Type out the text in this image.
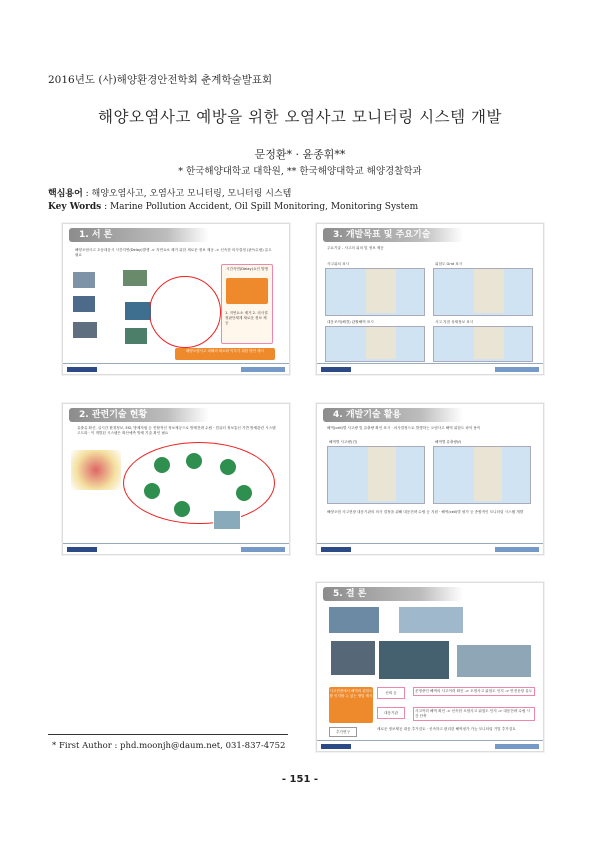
2016년도 (사)해양환경안전학회 춘계학술발표회
해양오염사고 예방을 위한 오염사고 모니터링 시스템 개발
문정환* · 윤종휘**
* 한국해양대학교 대학원, ** 한국해양대학교 해양경찰학과
핵심용어 : 해양오염사고, 오염사고 모니터링, 모니터링 시스템
Key Words : Marine Pollution Accident, Oil Spill Monitoring, Monitoring System
1. 서 론
해양오염사고 초동대응시 시간지연(Delay)발생 -> 지연요소 제거 위한 새로운 정보 제공 -> 신속한 의사결정 (판독수립) 유도 필요
시간지연(Delay)요인 발생
1. 지연요소 제거 2. 의사결정판단체계 새로운 정보 제공
해양오염사고 피해의 최소화 이루기 위한 방안 제시
3. 개발목표 및 주요기술
주요기술 - 사고의 위치 및 정보 제공
사고위치 표시	위험도 Grid 표시
대응조직(해경) 관할해역 표시	사고 지점 상세정보 표시
2. 관련기술 현황
유출유 확산, 실시간 환경정보, ESI, 방제자원 등 종합적인 정보제공으로 방제전략 수립 · 컴퓨터 정보통신 기반 방제관련 시스템 고도화 · 이 개발된 시스템은 확산예측 방제 기술 확인 필요
4. 개발기술 활용
해역(cell)별 사고량 및 유출량 확인 표시 · 의사결정으로 발생하는 오염사고 해역 위험도 파악 용이
해역별 사고량(건)	해역별 유출량(ℓ)
해양오염 사고현장 대응기관의 의사 결정을 위해 대응전략 수립 등 지원 · 해역(cell)별 평가 등 종합적인 모니터링 시스템 개발
5. 결 론
사고현장에서 해역의 위험도를 인지할 수 있는 방법 제시
신뢰 등
대응기관
운영중인 해역의 사고이력 확인 -> 오염사고 위험도 인지 -> 안전운항 유도
사고이력 해역 확인 -> 신속한 오염사고 위험도 인지 -> 대응전략 수립 시간 단축
추가연구
새로운 정보제공 대응 추가검토 · 신속하고 편리한 해역평가 가능 모니터링 기법 추가검토
* First Author : phd.moonjh@daum.net, 031-837-4752
- 151 -
